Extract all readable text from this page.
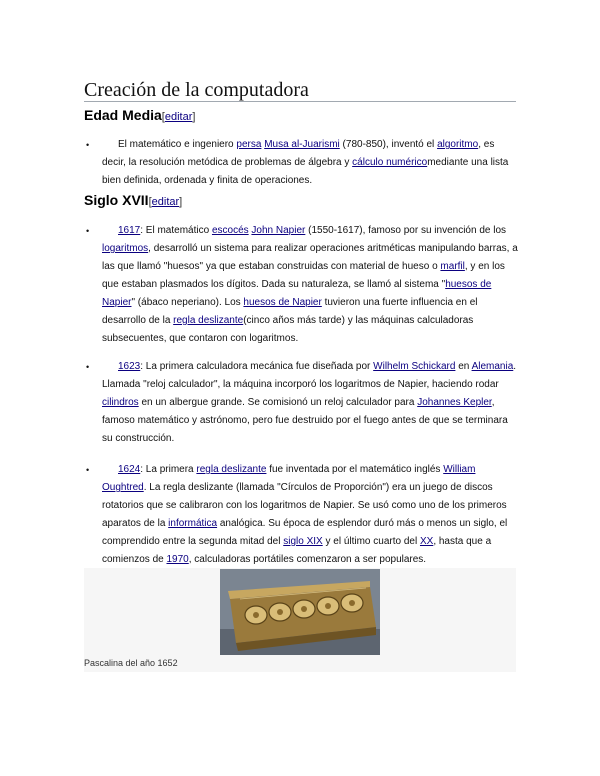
Creación de la computadora
Edad Media[editar]
•	El matemático e ingeniero persa Musa al-Juarismi (780-850), inventó el algoritmo, es decir, la resolución metódica de problemas de álgebra y cálculo numéricomediante una lista bien definida, ordenada y finita de operaciones.

Siglo XVII[editar]
•	1617: El matemático escocés John Napier (1550-1617), famoso por su invención de los logaritmos, desarrolló un sistema para realizar operaciones aritméticas manipulando barras, a las que llamó "huesos" ya que estaban construidas con material de hueso o marfil, y en los que estaban plasmados los dígitos. Dada su naturaleza, se llamó al sistema "huesos de Napier" (ábaco neperiano). Los huesos de Napier tuvieron una fuerte influencia en el desarrollo de la regla deslizante(cinco años más tarde) y las máquinas calculadoras subsecuentes, que contaron con logaritmos.

•	1623: La primera calculadora mecánica fue diseñada por Wilhelm Schickard en Alemania. Llamada "reloj calculador", la máquina incorporó los logaritmos de Napier, haciendo rodar cilindros en un albergue grande. Se comisionó un reloj calculador para Johannes Kepler, famoso matemático y astrónomo, pero fue destruido por el fuego antes de que se terminara su construcción.

•	1624: La primera regla deslizante fue inventada por el matemático inglés William Oughtred. La regla deslizante (llamada "Círculos de Proporción") era un juego de discos rotatorios que se calibraron con los logaritmos de Napier. Se usó como uno de los primeros aparatos de la informática analógica. Su época de esplendor duró más o menos un siglo, el comprendido entre la segunda mitad del siglo XIX y el último cuarto del XX, hasta que a comienzos de 1970, calculadoras portátiles comenzaron a ser populares.

Pascalina del año 1652
